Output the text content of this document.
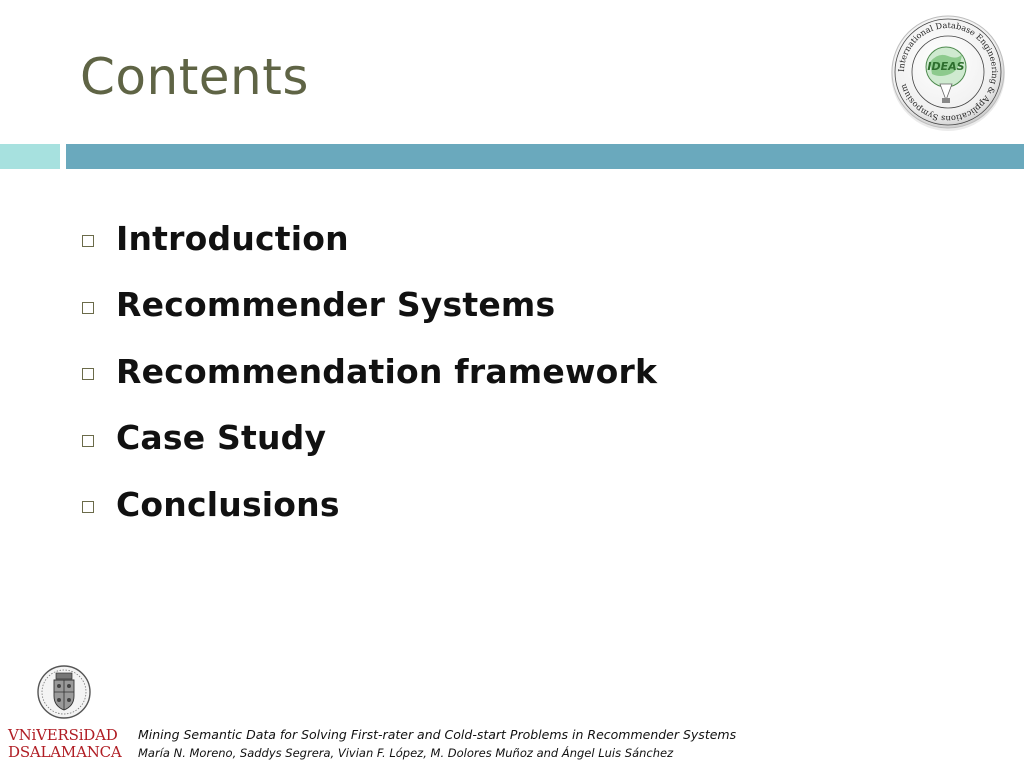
Contents	International Database Engineering & Applications Symposium
IDEAS
Introduction
Recommender Systems
Recommendation framework
Case Study
Conclusions
VNiVERSiDAD
DSALAMANCA
Mining Semantic Data for Solving First-rater and Cold-start Problems in Recommender Systems
María N. Moreno, Saddys Segrera, Vivian F. López, M. Dolores Muñoz and Ángel Luis Sánchez
